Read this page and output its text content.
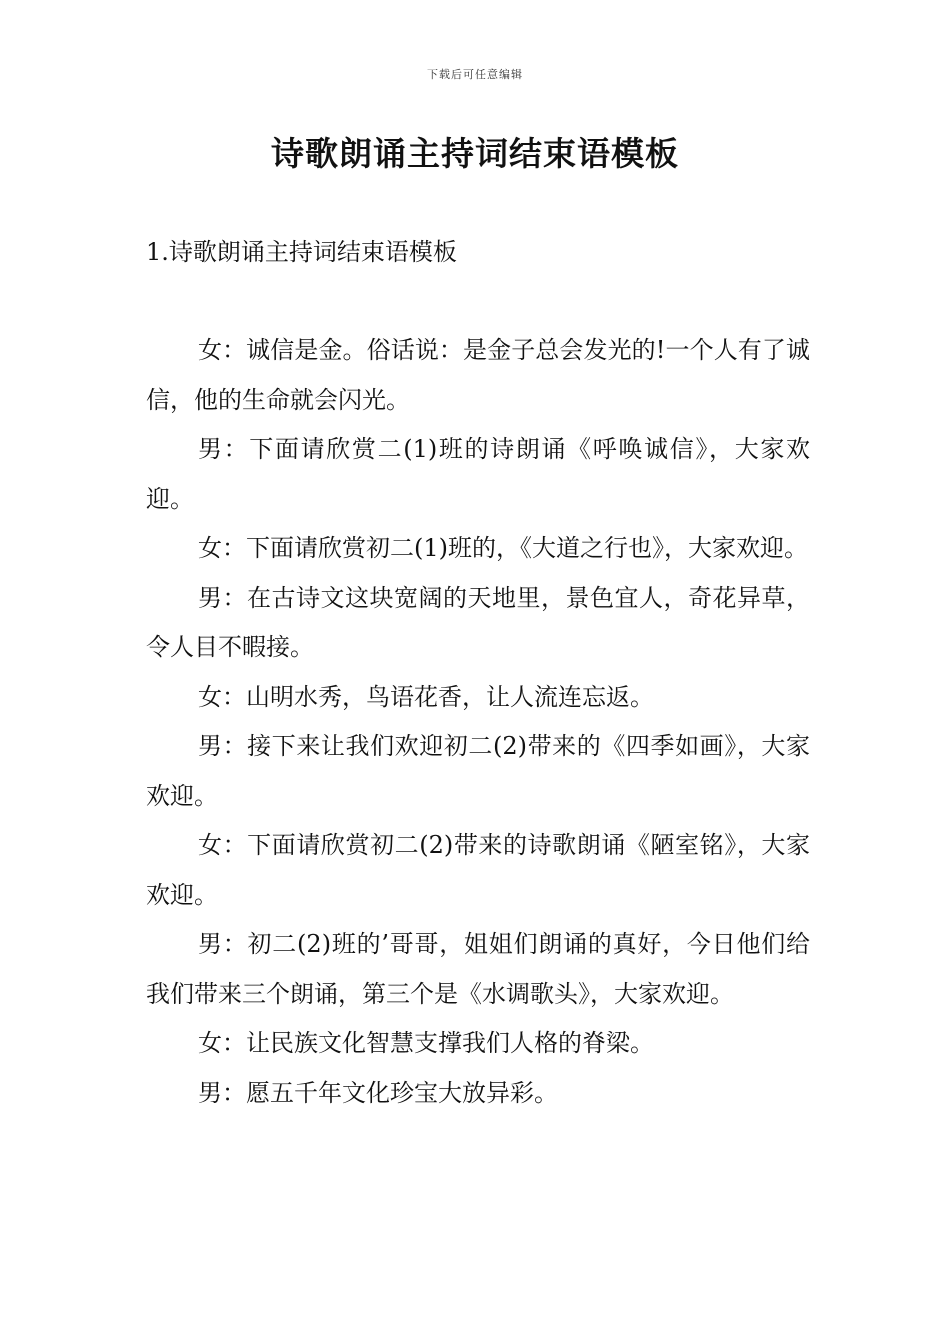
下载后可任意编辑
诗歌朗诵主持词结束语模板
1.诗歌朗诵主持词结束语模板

女：诚信是金。俗话说：是金子总会发光的!一个人有了诚信，他的生命就会闪光。

男：下面请欣赏二(1)班的诗朗诵《呼唤诚信》，大家欢迎。

女：下面请欣赏初二(1)班的，《大道之行也》，大家欢迎。

男：在古诗文这块宽阔的天地里，景色宜人，奇花异草，令人目不暇接。

女：山明水秀，鸟语花香，让人流连忘返。

男：接下来让我们欢迎初二(2)带来的《四季如画》，大家欢迎。

女：下面请欣赏初二(2)带来的诗歌朗诵《陋室铭》，大家欢迎。

男：初二(2)班的’哥哥，姐姐们朗诵的真好，今日他们给我们带来三个朗诵，第三个是《水调歌头》，大家欢迎。

女：让民族文化智慧支撑我们人格的脊梁。

男：愿五千年文化珍宝大放异彩。
